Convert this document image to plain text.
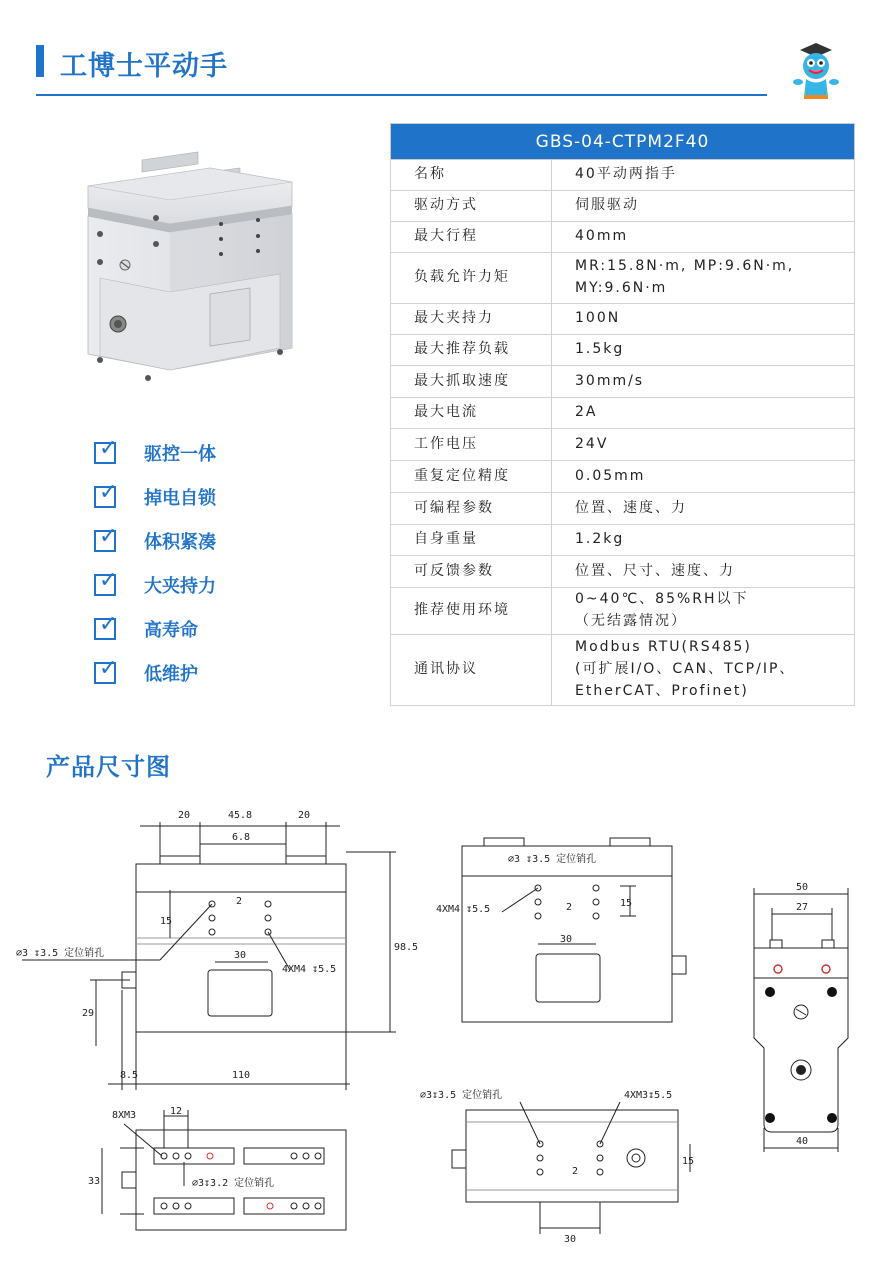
工博士平动手
✓ 驱控一体
✓ 掉电自锁
✓ 体积紧凑
✓ 大夹持力
✓ 高寿命
✓ 低维护
GBS-04-CTPM2F40	
名称	40平动两指手
驱动方式	伺服驱动
最大行程	40mm
负载允许力矩	MR:15.8N·m, MP:9.6N·m,
MY:9.6N·m
最大夹持力	100N
最大推荐负载	1.5kg
最大抓取速度	30mm/s
最大电流	2A
工作电压	24V
重复定位精度	0.05mm
可编程参数	位置、速度、力
自身重量	1.2kg
可反馈参数	位置、尺寸、速度、力
推荐使用环境	0~40℃、85%RH以下
（无结露情况）
通讯协议	Modbus RTU(RS485)
(可扩展I/O、CAN、TCP/IP、
EtherCAT、Profinet)
产品尺寸图
20	45.8	20
6.8
2
15
30
4XM4 ↧5.5
∅3 ↧3.5 定位销孔
98.5
29
8.5	110
∅3 ↧3.5 定位销孔
4XM4 ↧5.5	2	15
30
50
27
40
8XM3	12
33	∅3↧3.2 定位销孔
∅3↧3.5 定位销孔	4XM3↧5.5
2
15
30
